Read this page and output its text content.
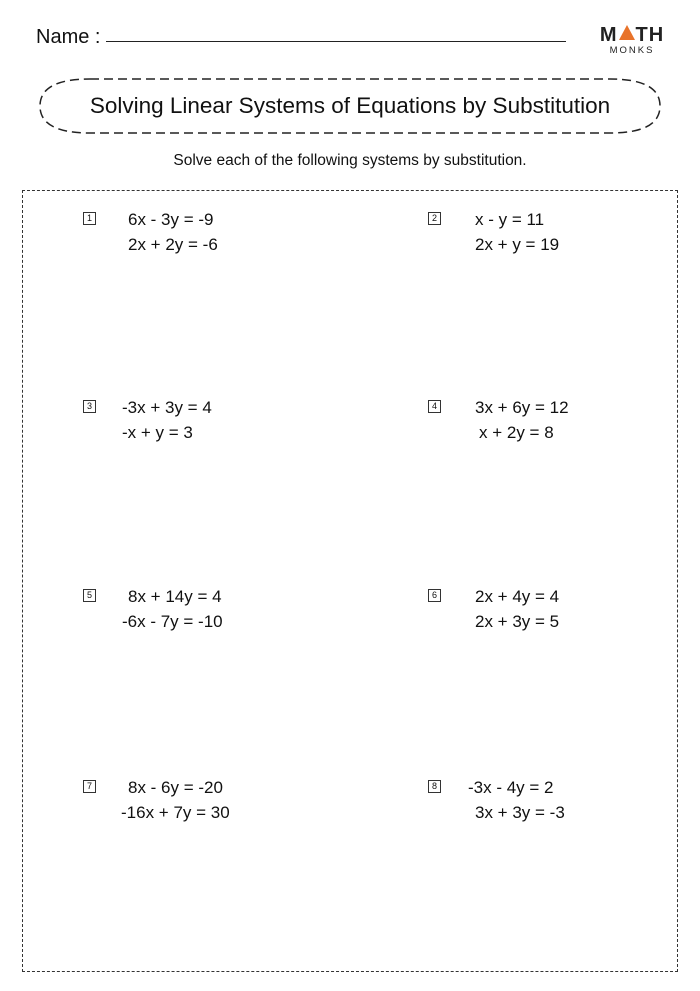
Name :	M TH
MONKS
Solving Linear Systems of Equations by Substitution
Solve each of the following systems by substitution.
1 6x - 3y = -9
2x + 2y = -6
2 x - y = 11
2x + y = 19
3 -3x + 3y = 4
-x + y = 3
4 3x + 6y = 12
x + 2y = 8
5 8x + 14y = 4
-6x - 7y = -10
6 2x + 4y = 4
2x + 3y = 5
7 8x - 6y = -20
-16x + 7y = 30
8 -3x - 4y = 2
3x + 3y = -3
